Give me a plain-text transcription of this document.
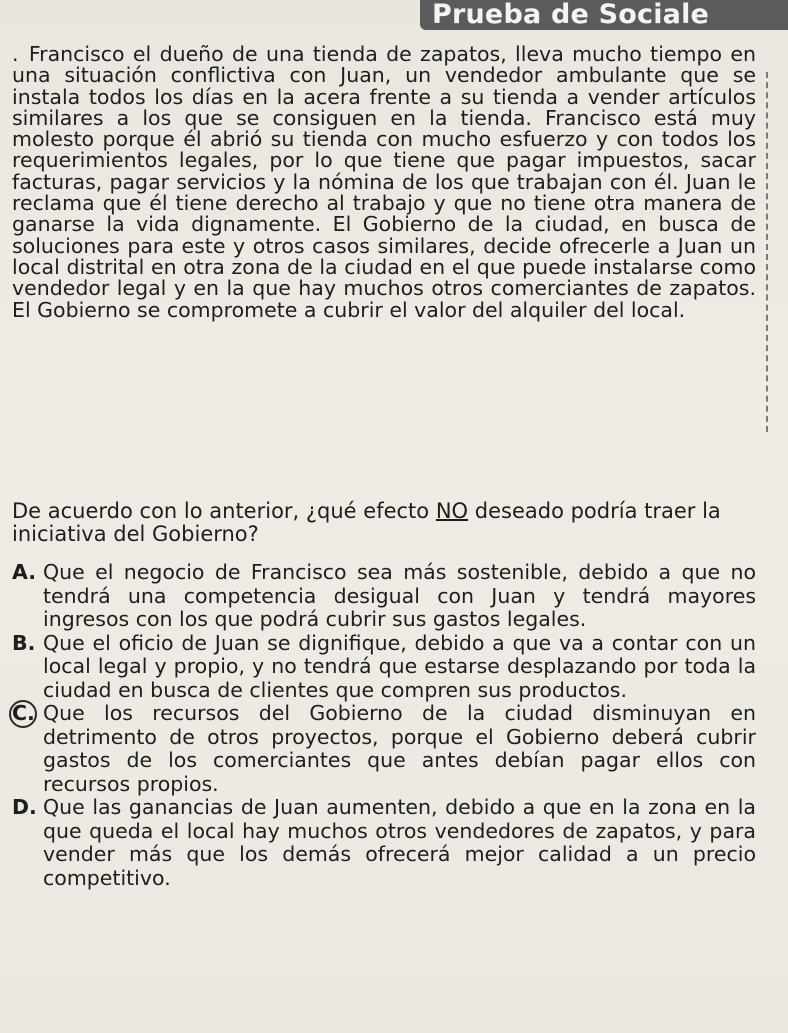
Prueba de Sociale
. Francisco el dueño de una tienda de zapatos, lleva mucho tiempo en una situación conflictiva con Juan, un vendedor ambulante que se instala todos los días en la acera frente a su tienda a vender artículos similares a los que se consiguen en la tienda. Francisco está muy molesto porque él abrió su tienda con mucho esfuerzo y con todos los requerimientos legales, por lo que tiene que pagar impuestos, sacar facturas, pagar servicios y la nómina de los que trabajan con él. Juan le reclama que él tiene derecho al trabajo y que no tiene otra manera de ganarse la vida dignamente. El Gobierno de la ciudad, en busca de soluciones para este y otros casos similares, decide ofrecerle a Juan un local distrital en otra zona de la ciudad en el que puede instalarse como vendedor legal y en la que hay muchos otros comerciantes de zapatos. El Gobierno se compromete a cubrir el valor del alquiler del local.
De acuerdo con lo anterior, ¿qué efecto NO deseado podría traer la iniciativa del Gobierno?
A. Que el negocio de Francisco sea más sostenible, debido a que no tendrá una competencia desigual con Juan y tendrá mayores ingresos con los que podrá cubrir sus gastos legales.
B. Que el oficio de Juan se dignifique, debido a que va a contar con un local legal y propio, y no tendrá que estarse desplazando por toda la ciudad en busca de clientes que compren sus productos.
C. Que los recursos del Gobierno de la ciudad disminuyan en detrimento de otros proyectos, porque el Gobierno deberá cubrir gastos de los comerciantes que antes debían pagar ellos con recursos propios.
D. Que las ganancias de Juan aumenten, debido a que en la zona en la que queda el local hay muchos otros vendedores de zapatos, y para vender más que los demás ofrecerá mejor calidad a un precio competitivo.
